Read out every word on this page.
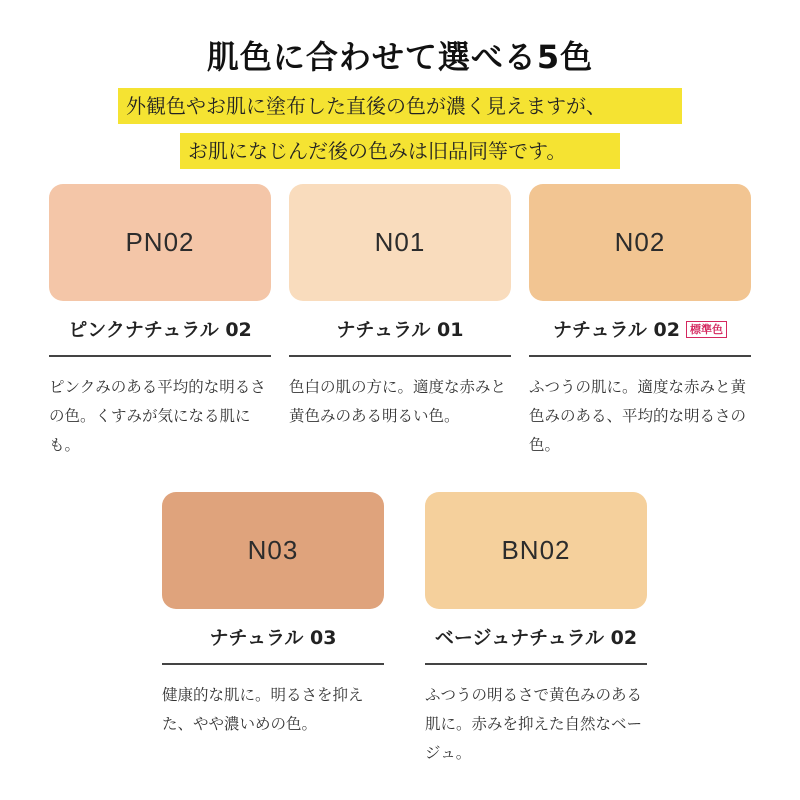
肌色に合わせて選べる5色
外観色やお肌に塗布した直後の色が濃く見えますが、
お肌になじんだ後の色みは旧品同等です。
PN02
ピンクナチュラル 02
ピンクみのある平均的な明るさの色。くすみが気になる肌にも。
N01
ナチュラル 01
色白の肌の方に。適度な赤みと黄色みのある明るい色。
N02
ナチュラル 02 標準色
ふつうの肌に。適度な赤みと黄色みのある、平均的な明るさの色。
N03
ナチュラル 03
健康的な肌に。明るさを抑えた、やや濃いめの色。
BN02
ベージュナチュラル 02
ふつうの明るさで黄色みのある肌に。赤みを抑えた自然なベージュ。
